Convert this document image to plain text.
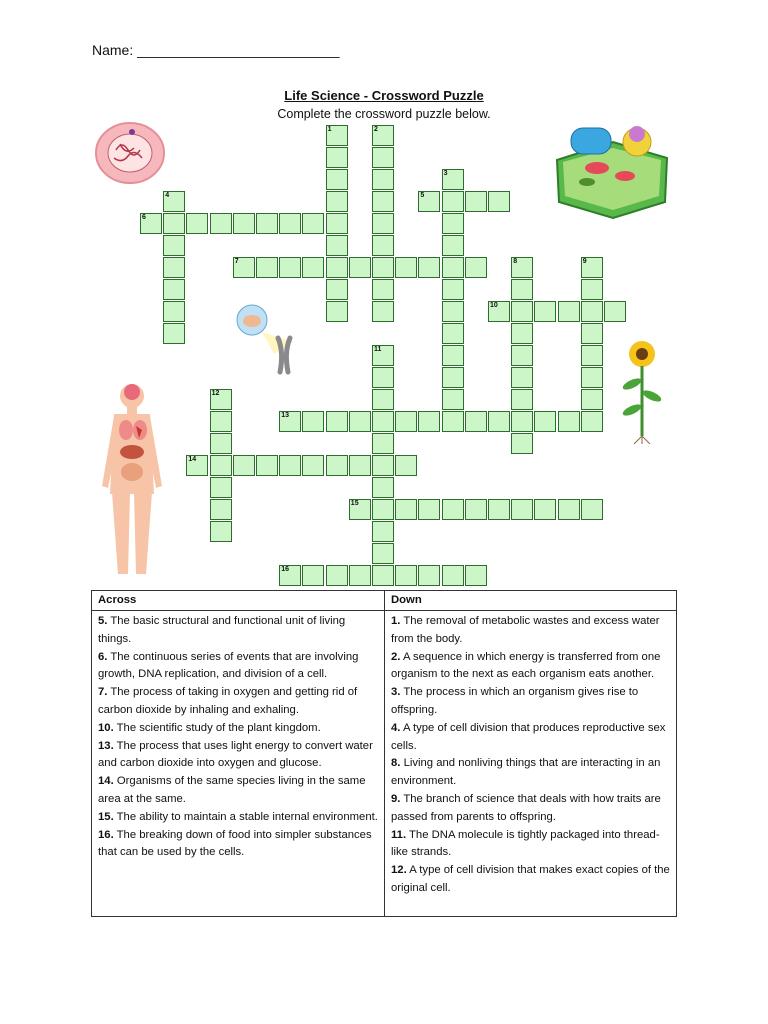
Name: __________________________
Life Science - Crossword Puzzle
Complete the crossword puzzle below.
1	2
3
4	5
6
7	8	9
10
11
12
13
14
15
16
Across
5. The basic structural and functional unit of living things.
6. The continuous series of events that are involving growth, DNA replication, and division of a cell.
7. The process of taking in oxygen and getting rid of carbon dioxide by inhaling and exhaling.
10. The scientific study of the plant kingdom.
13. The process that uses light energy to convert water and carbon dioxide into oxygen and glucose.
14. Organisms of the same species living in the same area at the same.
15. The ability to maintain a stable internal environment.
16. The breaking down of food into simpler substances that can be used by the cells.
Down
1. The removal of metabolic wastes and excess water from the body.
2. A sequence in which energy is transferred from one organism to the next as each organism eats another.
3. The process in which an organism gives rise to offspring.
4. A type of cell division that produces reproductive sex cells.
8. Living and nonliving things that are interacting in an environment.
9. The branch of science that deals with how traits are passed from parents to offspring.
11. The DNA molecule is tightly packaged into thread-like strands.
12. A type of cell division that makes exact copies of the original cell.
